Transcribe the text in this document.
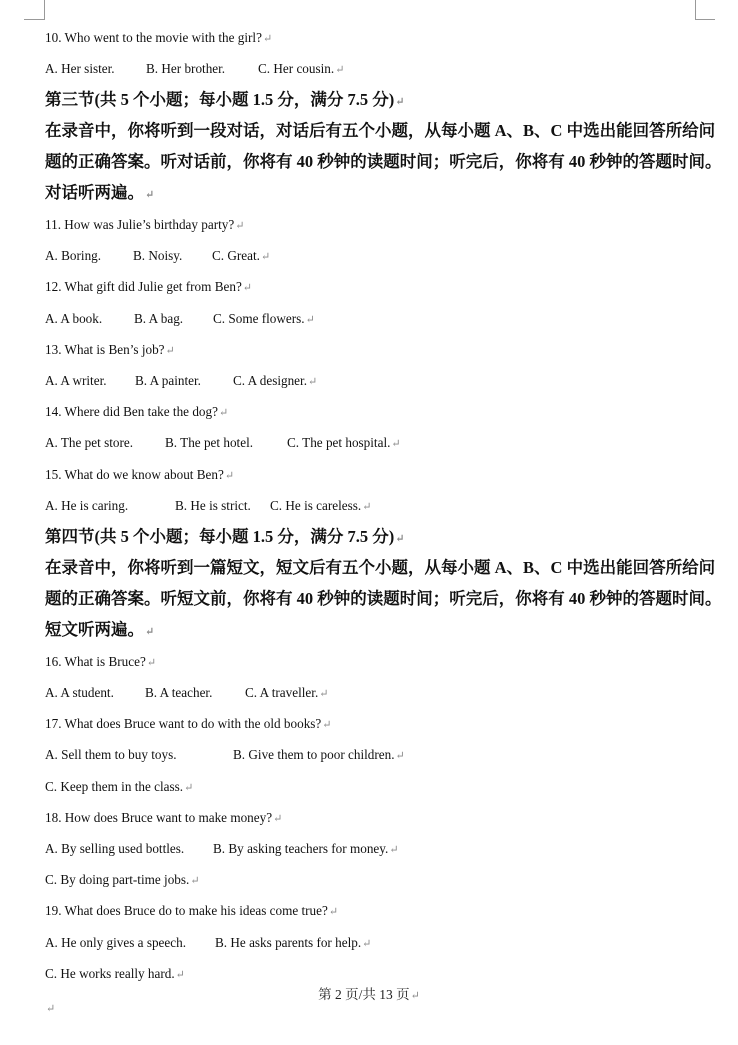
10. Who went to the movie with the girl?↵
A. Her sister. B. Her brother. C. Her cousin.↵
第三节(共 5 个小题；每小题 1.5 分，满分 7.5 分)↵
在录音中，你将听到一段对话，对话后有五个小题，从每小题 A、B、C 中选出能回答所给问
题的正确答案。听对话前，你将有 40 秒钟的读题时间；听完后，你将有 40 秒钟的答题时间。
对话听两遍。↵
11. How was Julie’s birthday party?↵
A. Boring. B. Noisy. C. Great.↵
12. What gift did Julie get from Ben?↵
A. A book. B. A bag. C. Some flowers.↵
13. What is Ben’s job?↵
A. A writer. B. A painter. C. A designer.↵
14. Where did Ben take the dog?↵
A. The pet store. B. The pet hotel.	C. The pet hospital.↵
15. What do we know about Ben?↵
A. He is caring.	B. He is strict. C. He is careless.↵
第四节(共 5 个小题；每小题 1.5 分，满分 7.5 分)↵
在录音中，你将听到一篇短文，短文后有五个小题，从每小题 A、B、C 中选出能回答所给问
题的正确答案。听短文前，你将有 40 秒钟的读题时间；听完后，你将有 40 秒钟的答题时间。
短文听两遍。↵
16. What is Bruce?↵
A. A student. B. A teacher. C. A traveller.↵
17. What does Bruce want to do with the old books?↵
A. Sell them to buy toys.	B. Give them to poor children.↵
C. Keep them in the class.↵
18. How does Bruce want to make money?↵
A. By selling used bottles. B. By asking teachers for money.↵
C. By doing part-time jobs.↵
19. What does Bruce do to make his ideas come true?↵
A. He only gives a speech. B. He asks parents for help.↵
C. He works really hard.↵
↵
第 2 页/共 13 页↵
